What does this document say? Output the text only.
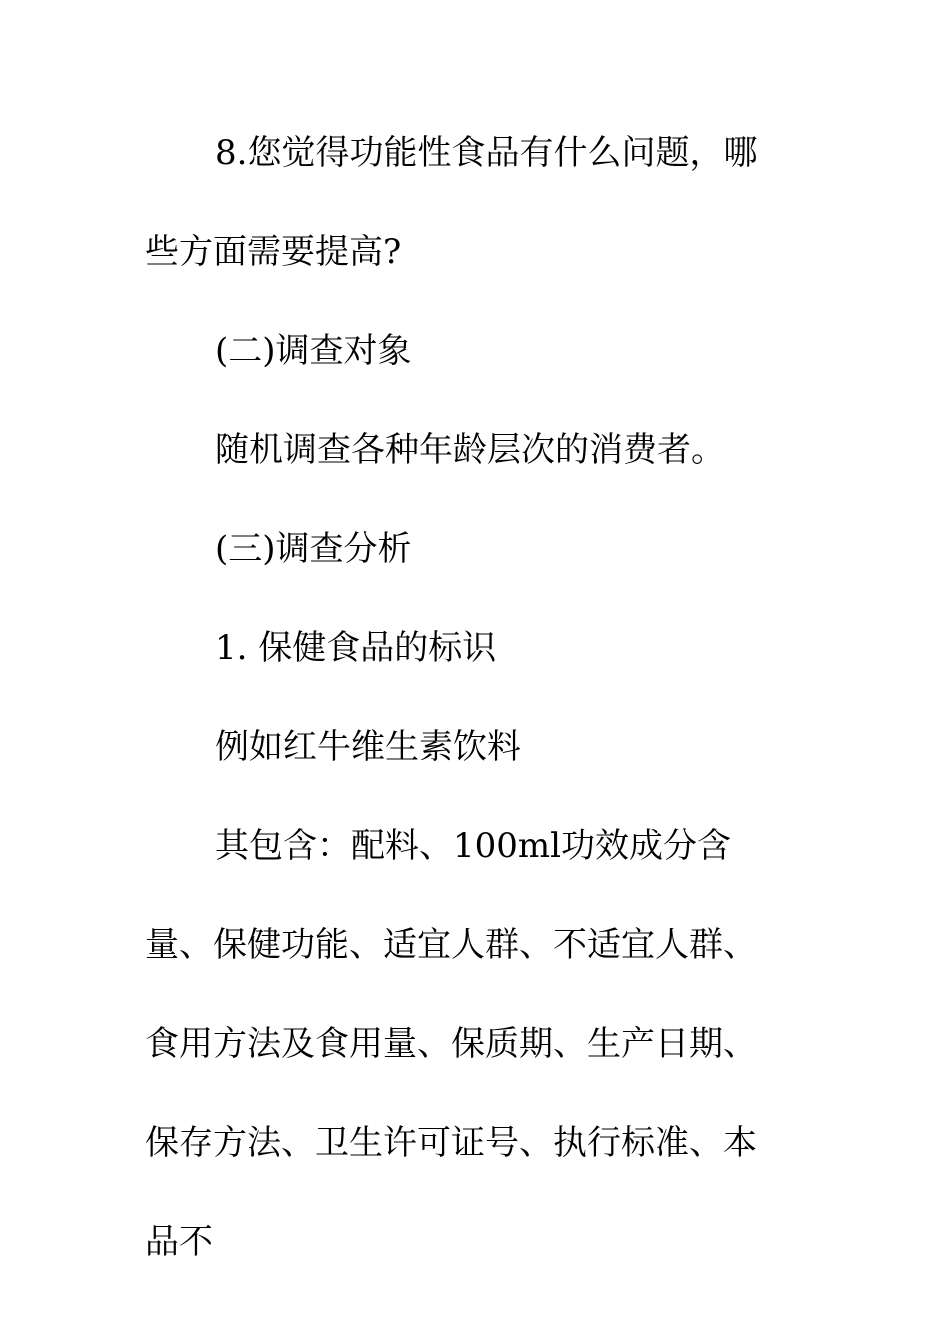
8.您觉得功能性食品有什么问题，哪些方面需要提高?

(二)调查对象

随机调查各种年龄层次的消费者。

(三)调查分析

1. 保健食品的标识

例如红牛维生素饮料

其包含：配料、100ml功效成分含量、保健功能、适宜人群、不适宜人群、食用方法及食用量、保质期、生产日期、保存方法、卫生许可证号、执行标准、本品不
